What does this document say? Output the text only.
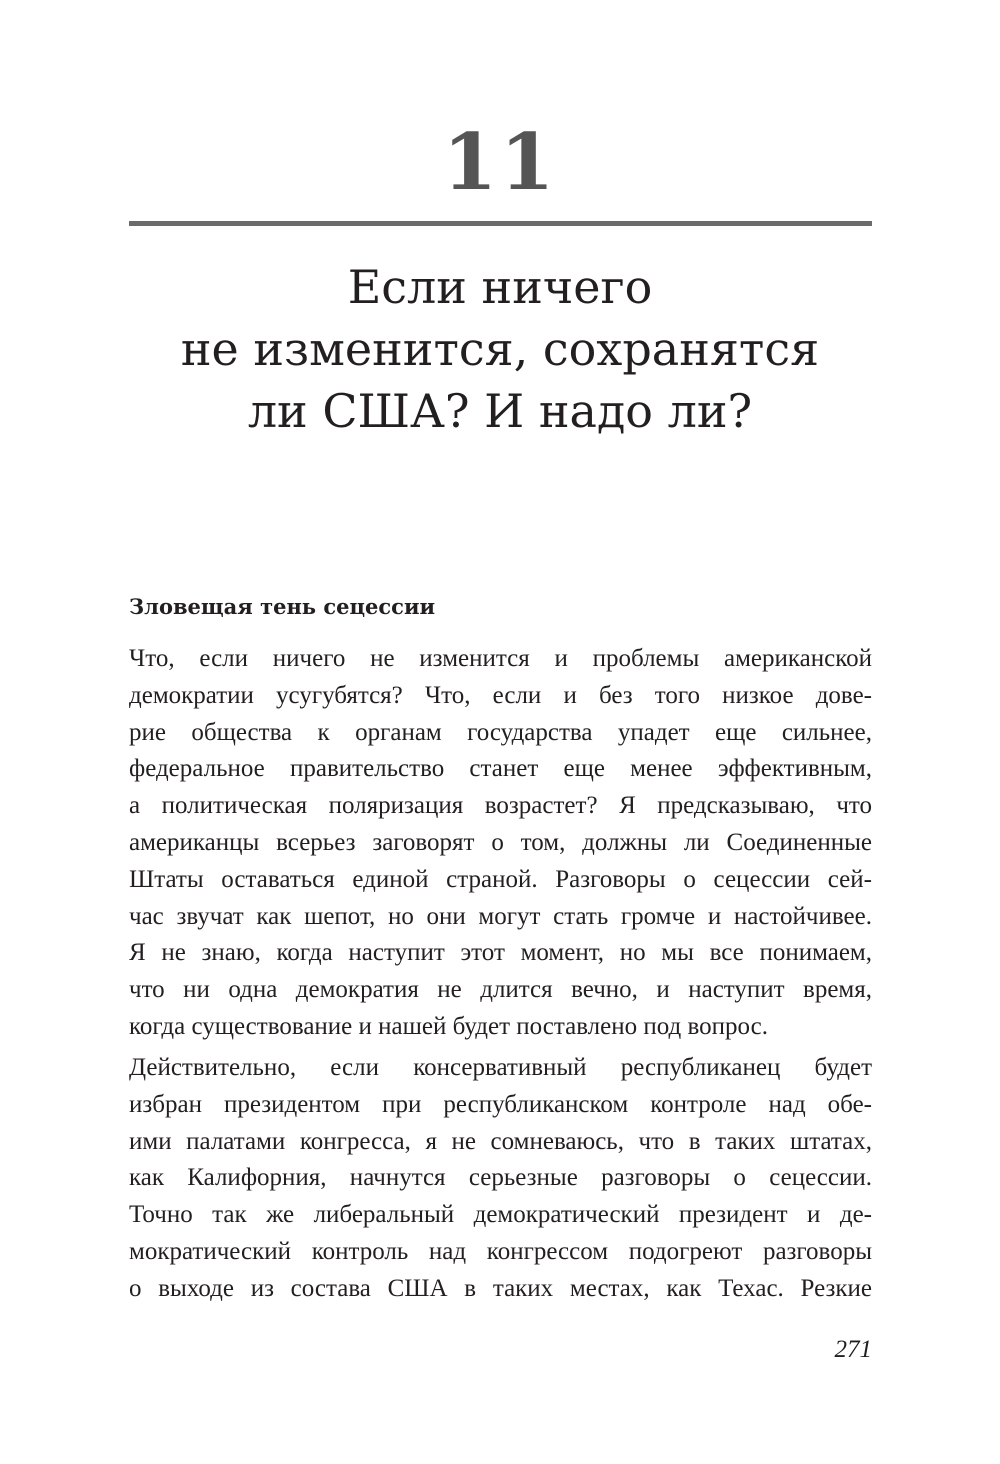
11
Если ничего
не изменится, сохранятся
ли США? И надо ли?
Зловещая тень сецессии
Что, если ничего не изменится и проблемы американской
демократии усугубятся? Что, если и без того низкое дове-
рие общества к органам государства упадет еще сильнее,
федеральное правительство станет еще менее эффективным,
а политическая поляризация возрастет? Я предсказываю, что
американцы всерьез заговорят о том, должны ли Соединенные
Штаты оставаться единой страной. Разговоры о сецессии сей-
час звучат как шепот, но они могут стать громче и настойчивее.
Я не знаю, когда наступит этот момент, но мы все понимаем,
что ни одна демократия не длится вечно, и наступит время,
когда существование и нашей будет поставлено под вопрос.
Действительно, если консервативный республиканец будет
избран президентом при республиканском контроле над обе-
ими палатами конгресса, я не сомневаюсь, что в таких штатах,
как Калифорния, начнутся серьезные разговоры о сецессии.
Точно так же либеральный демократический президент и де-
мократический контроль над конгрессом подогреют разговоры
о выходе из состава США в таких местах, как Техас. Резкие
271
